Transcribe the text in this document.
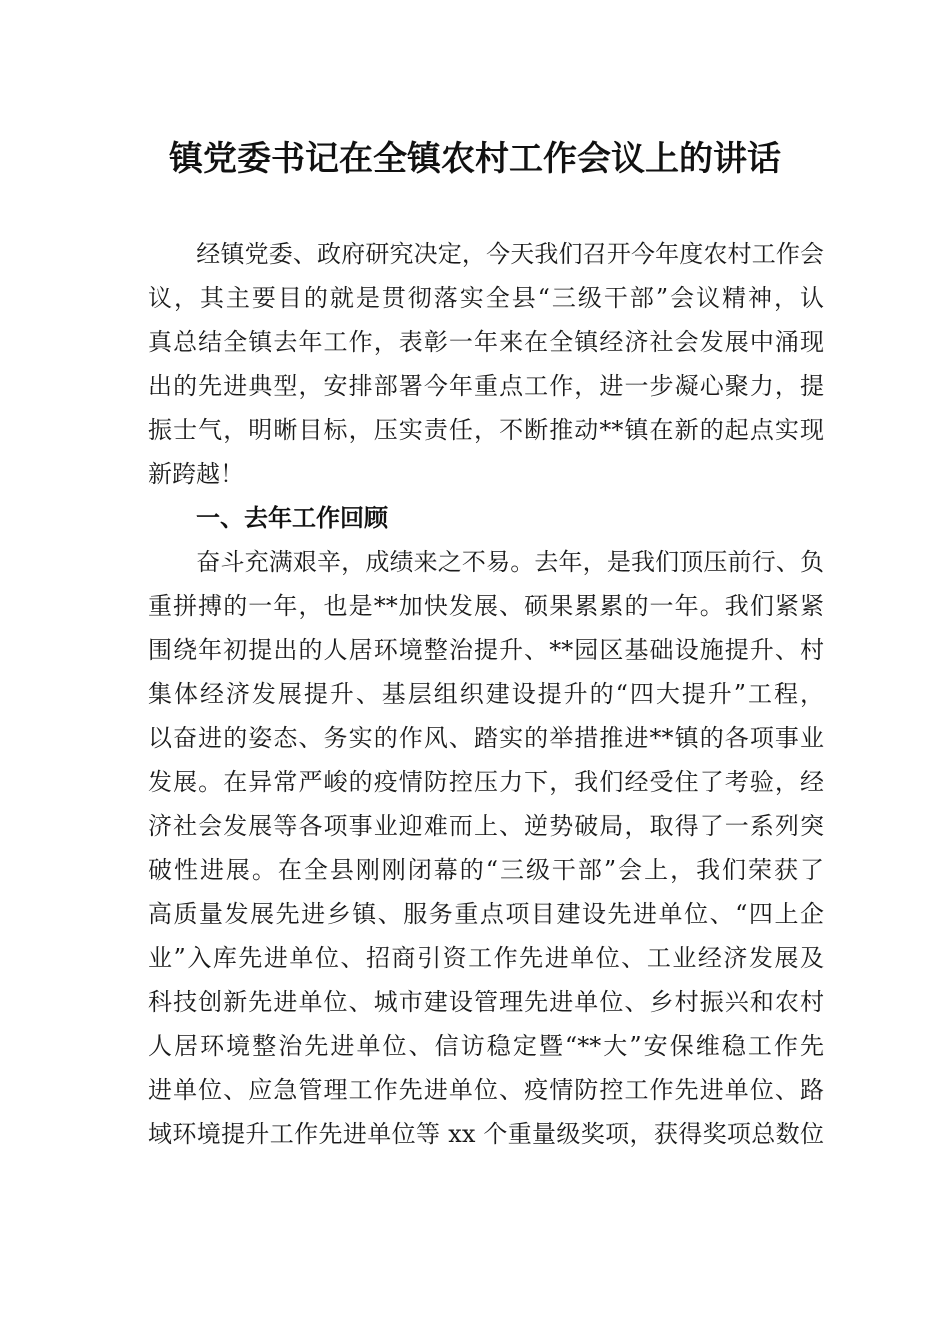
镇党委书记在全镇农村工作会议上的讲话
　　经镇党委、政府研究决定，今天我们召开今年度农村工作会
议，其主要目的就是贯彻落实全县“三级干部”会议精神，认
真总结全镇去年工作，表彰一年来在全镇经济社会发展中涌现
出的先进典型，安排部署今年重点工作，进一步凝心聚力，提
振士气，明晰目标，压实责任，不断推动**镇在新的起点实现
新跨越！
　　一、去年工作回顾
　　奋斗充满艰辛，成绩来之不易。去年，是我们顶压前行、负
重拼搏的一年，也是**加快发展、硕果累累的一年。我们紧紧
围绕年初提出的人居环境整治提升、**园区基础设施提升、村
集体经济发展提升、基层组织建设提升的“四大提升”工程，
以奋进的姿态、务实的作风、踏实的举措推进**镇的各项事业
发展。在异常严峻的疫情防控压力下，我们经受住了考验，经
济社会发展等各项事业迎难而上、逆势破局，取得了一系列突
破性进展。在全县刚刚闭幕的“三级干部”会上，我们荣获了
高质量发展先进乡镇、服务重点项目建设先进单位、“四上企
业”入库先进单位、招商引资工作先进单位、工业经济发展及
科技创新先进单位、城市建设管理先进单位、乡村振兴和农村
人居环境整治先进单位、信访稳定暨“**大”安保维稳工作先
进单位、应急管理工作先进单位、疫情防控工作先进单位、路
域环境提升工作先进单位等 xx 个重量级奖项，获得奖项总数位
